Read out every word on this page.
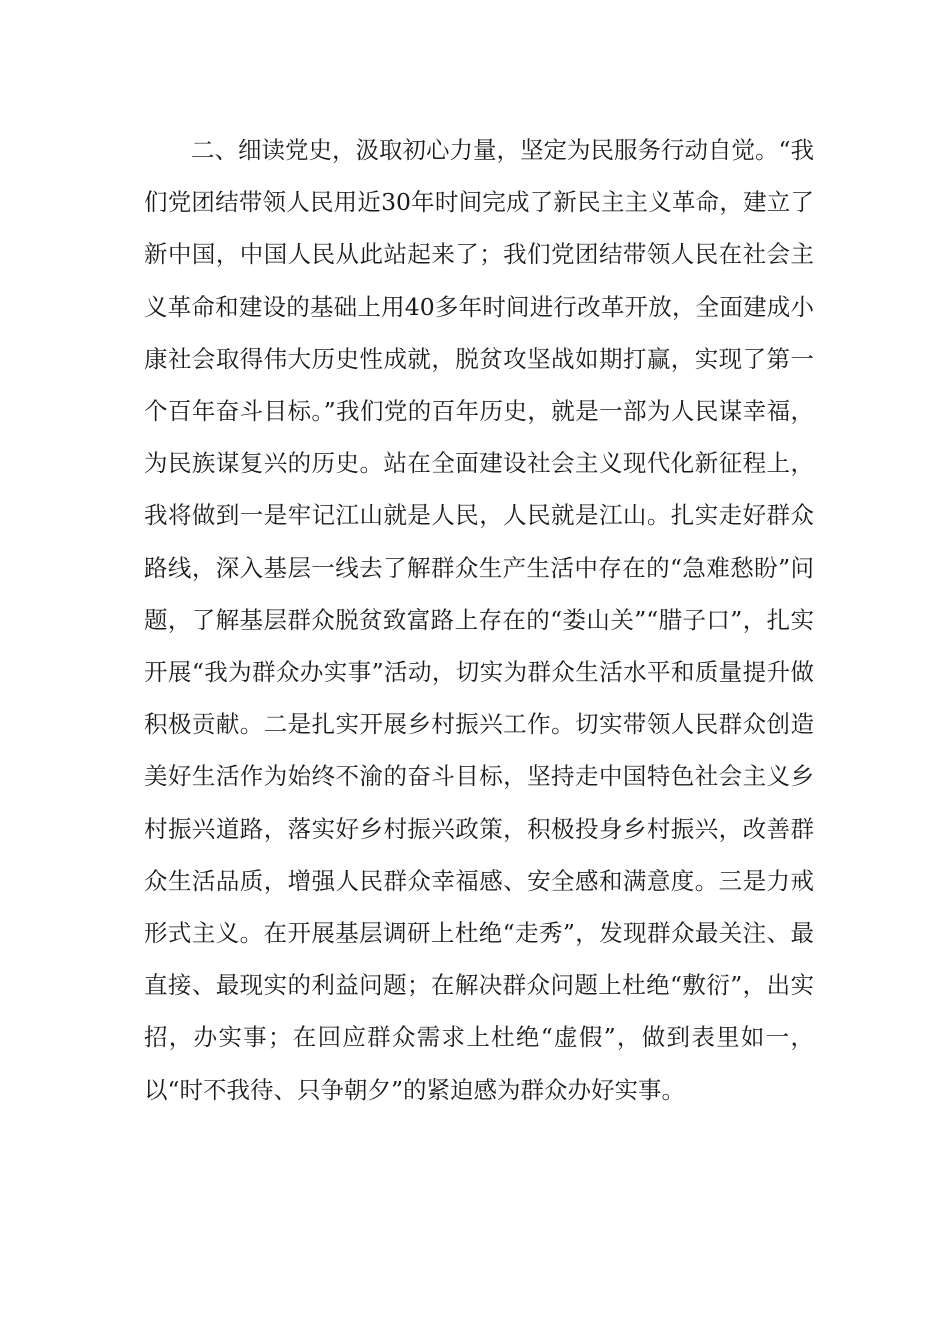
二、细读党史，汲取初心力量，坚定为民服务行动自觉。“我们党团结带领人民用近30年时间完成了新民主主义革命，建立了新中国，中国人民从此站起来了；我们党团结带领人民在社会主义革命和建设的基础上用40多年时间进行改革开放，全面建成小康社会取得伟大历史性成就，脱贫攻坚战如期打赢，实现了第一个百年奋斗目标。”我们党的百年历史，就是一部为人民谋幸福，为民族谋复兴的历史。站在全面建设社会主义现代化新征程上，我将做到一是牢记江山就是人民，人民就是江山。扎实走好群众路线，深入基层一线去了解群众生产生活中存在的“急难愁盼”问题，了解基层群众脱贫致富路上存在的“娄山关”“腊子口”，扎实开展“我为群众办实事”活动，切实为群众生活水平和质量提升做积极贡献。二是扎实开展乡村振兴工作。切实带领人民群众创造美好生活作为始终不渝的奋斗目标，坚持走中国特色社会主义乡村振兴道路，落实好乡村振兴政策，积极投身乡村振兴，改善群众生活品质，增强人民群众幸福感、安全感和满意度。三是力戒形式主义。在开展基层调研上杜绝“走秀”，发现群众最关注、最直接、最现实的利益问题；在解决群众问题上杜绝“敷衍”，出实招，办实事；在回应群众需求上杜绝“虚假”，做到表里如一，以“时不我待、只争朝夕”的紧迫感为群众办好实事。
